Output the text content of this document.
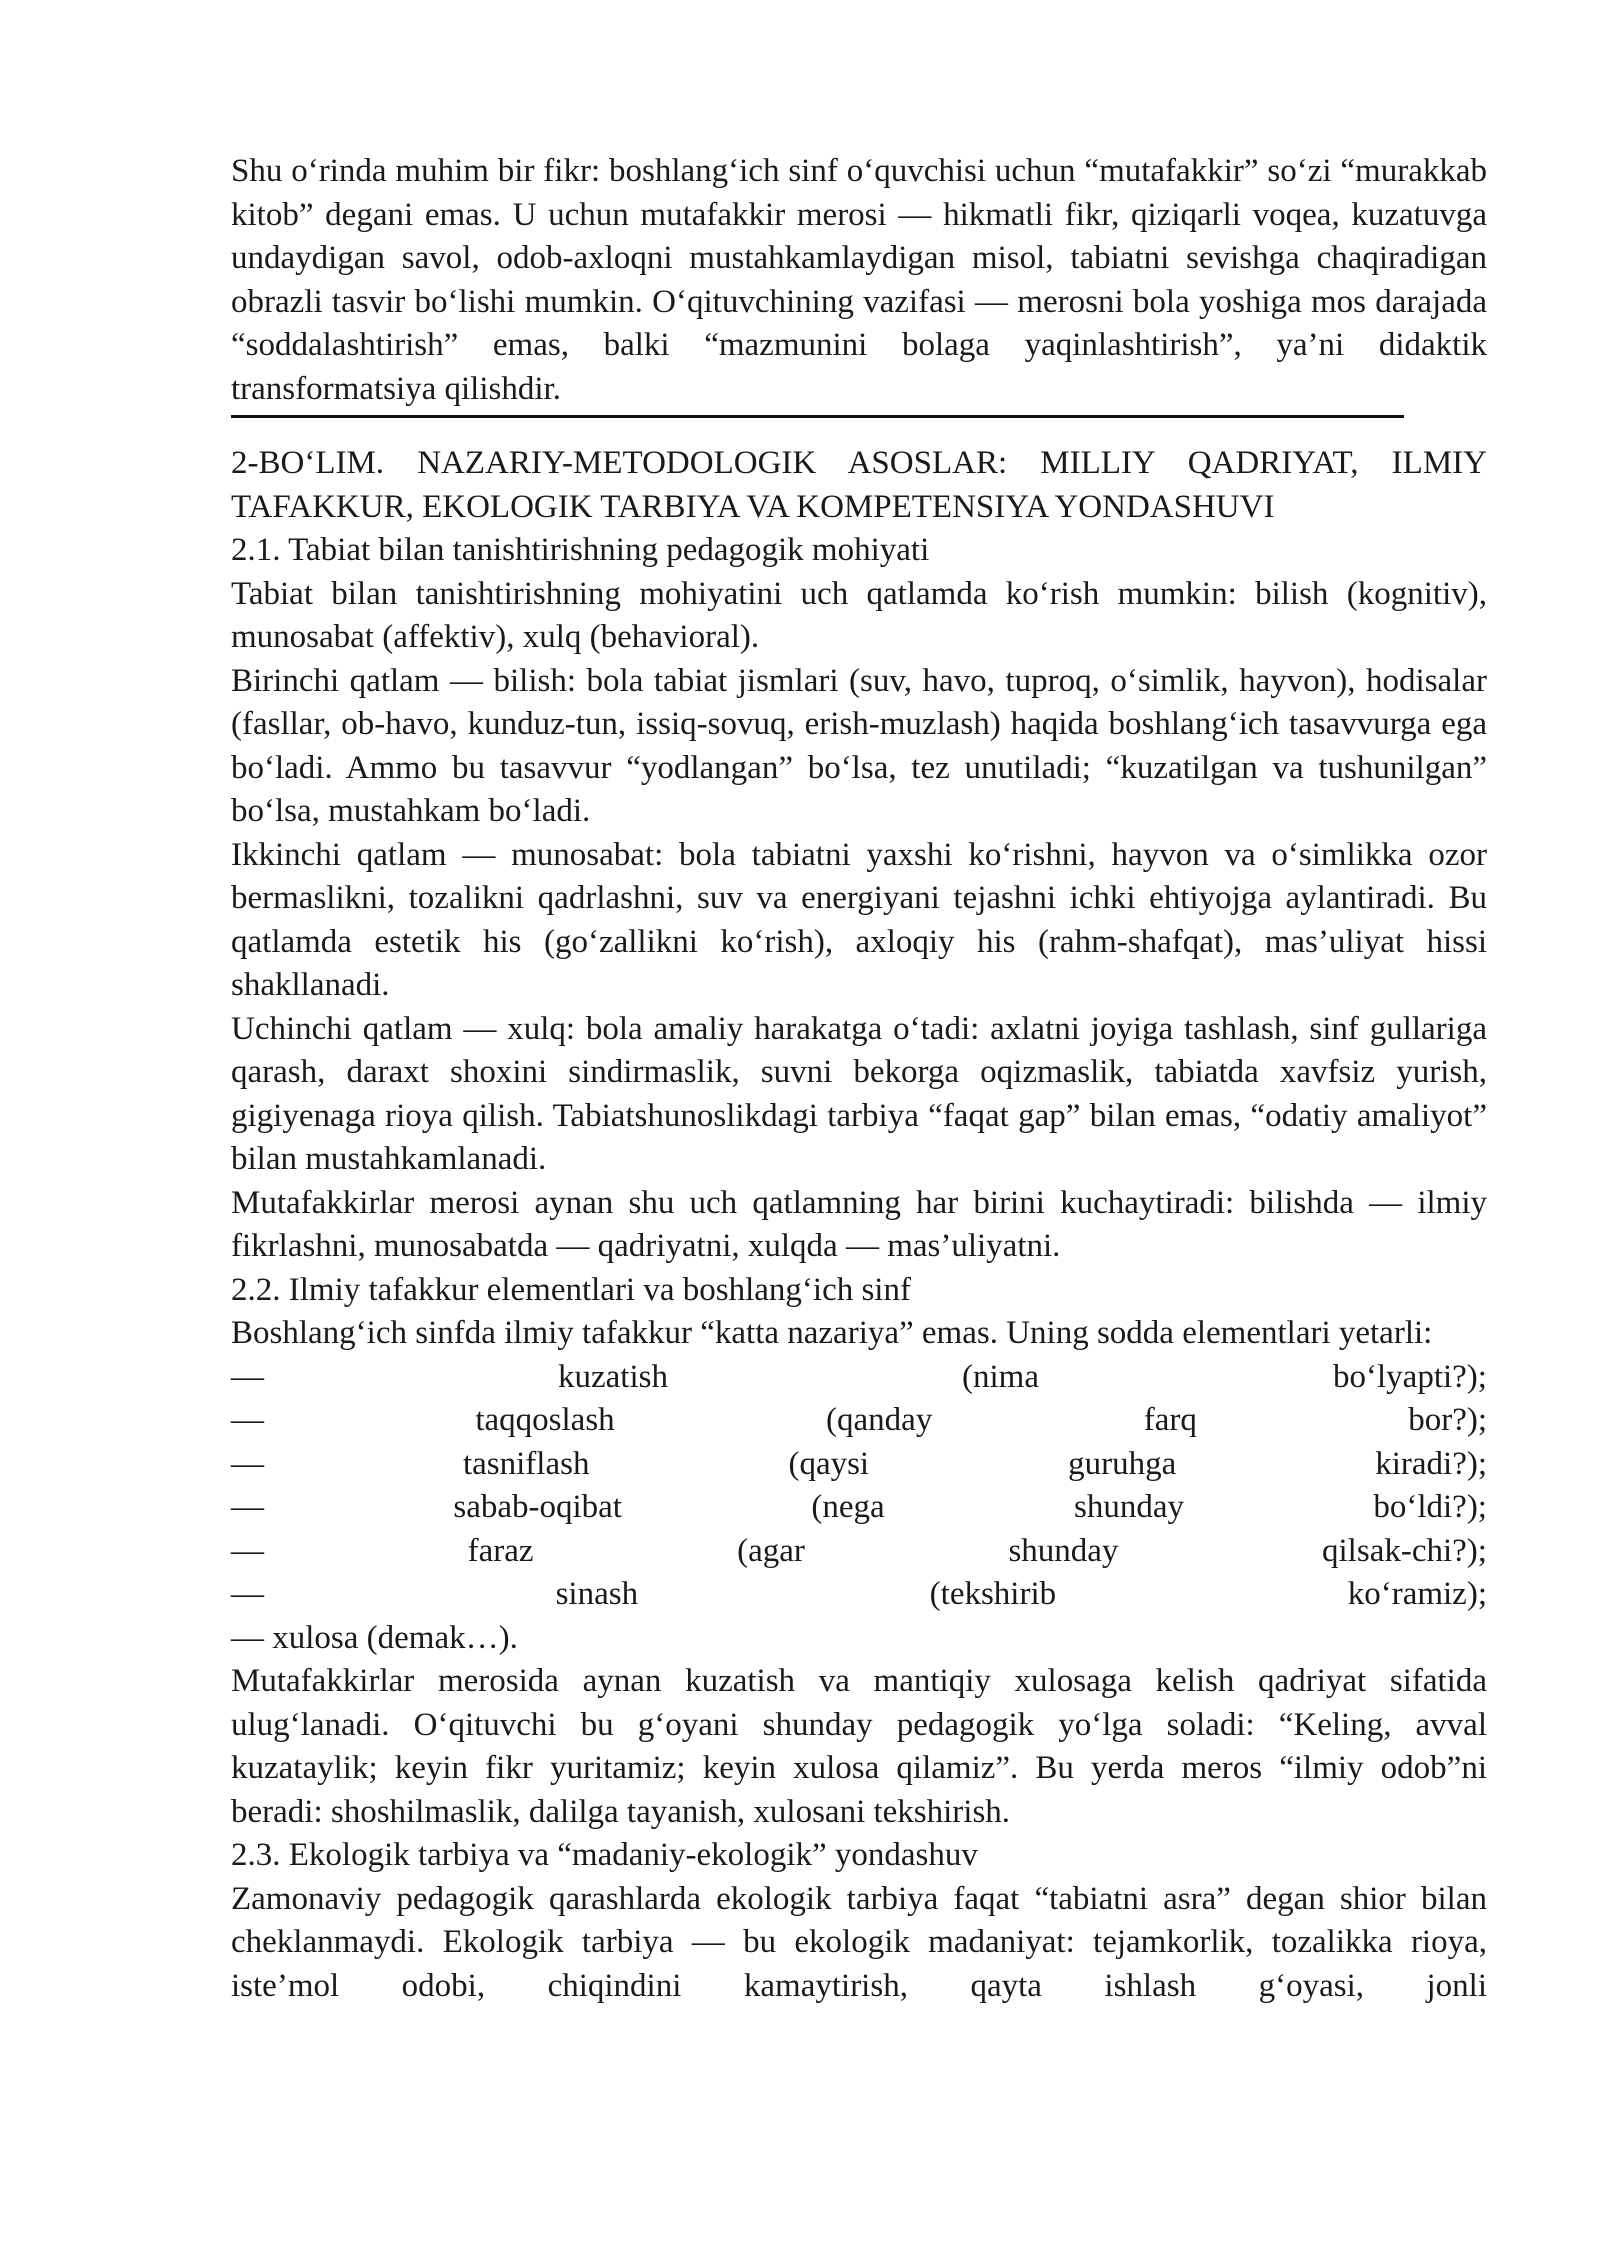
Shu o‘rinda muhim bir fikr: boshlang‘ich sinf o‘quvchisi uchun “mutafakkir” so‘zi “murakkab kitob” degani emas. U uchun mutafakkir merosi — hikmatli fikr, qiziqarli voqea, kuzatuvga undaydigan savol, odob-axloqni mustahkamlaydigan misol, tabiatni sevishga chaqiradigan obrazli tasvir bo‘lishi mumkin. O‘qituvchining vazifasi — merosni bola yoshiga mos darajada “soddalashtirish” emas, balki “mazmunini bolaga yaqinlashtirish”, ya’ni didaktik transformatsiya qilishdir.

2-BO‘LIM. NAZARIY-METODOLOGIK ASOSLAR: MILLIY QADRIYAT, ILMIY TAFAKKUR, EKOLOGIK TARBIYA VA KOMPETENSIYA YONDASHUVI

2.1. Tabiat bilan tanishtirishning pedagogik mohiyati

Tabiat bilan tanishtirishning mohiyatini uch qatlamda ko‘rish mumkin: bilish (kognitiv), munosabat (affektiv), xulq (behavioral).

Birinchi qatlam — bilish: bola tabiat jismlari (suv, havo, tuproq, o‘simlik, hayvon), hodisalar (fasllar, ob-havo, kunduz-tun, issiq-sovuq, erish-muzlash) haqida boshlang‘ich tasavvurga ega bo‘ladi. Ammo bu tasavvur “yodlangan” bo‘lsa, tez unutiladi; “kuzatilgan va tushunilgan” bo‘lsa, mustahkam bo‘ladi.

Ikkinchi qatlam — munosabat: bola tabiatni yaxshi ko‘rishni, hayvon va o‘simlikka ozor bermaslikni, tozalikni qadrlashni, suv va energiyani tejashni ichki ehtiyojga aylantiradi. Bu qatlamda estetik his (go‘zallikni ko‘rish), axloqiy his (rahm-shafqat), mas’uliyat hissi shakllanadi.

Uchinchi qatlam — xulq: bola amaliy harakatga o‘tadi: axlatni joyiga tashlash, sinf gullariga qarash, daraxt shoxini sindirmaslik, suvni bekorga oqizmaslik, tabiatda xavfsiz yurish, gigiyenaga rioya qilish. Tabiatshunoslikdagi tarbiya “faqat gap” bilan emas, “odatiy amaliyot” bilan mustahkamlanadi.

Mutafakkirlar merosi aynan shu uch qatlamning har birini kuchaytiradi: bilishda — ilmiy fikrlashni, munosabatda — qadriyatni, xulqda — mas’uliyatni.

2.2. Ilmiy tafakkur elementlari va boshlang‘ich sinf

Boshlang‘ich sinfda ilmiy tafakkur “katta nazariya” emas. Uning sodda elementlari yetarli:

—	kuzatish	(nima	bo‘lyapti?);
—	taqqoslash	(qanday	farq	bor?);
—	tasniflash	(qaysi	guruhga	kiradi?);
—	sabab-oqibat	(nega	shunday	bo‘ldi?);
—	faraz	(agar	shunday	qilsak-chi?);
—	sinash	(tekshirib	ko‘ramiz);

— xulosa (demak…).

Mutafakkirlar merosida aynan kuzatish va mantiqiy xulosaga kelish qadriyat sifatida ulug‘lanadi. O‘qituvchi bu g‘oyani shunday pedagogik yo‘lga soladi: “Keling, avval kuzataylik; keyin fikr yuritamiz; keyin xulosa qilamiz”. Bu yerda meros “ilmiy odob”ni beradi: shoshilmaslik, dalilga tayanish, xulosani tekshirish.

2.3. Ekologik tarbiya va “madaniy-ekologik” yondashuv

Zamonaviy pedagogik qarashlarda ekologik tarbiya faqat “tabiatni asra” degan shior bilan cheklanmaydi. Ekologik tarbiya — bu ekologik madaniyat: tejamkorlik, tozalikka rioya, iste’mol odobi, chiqindini kamaytirish, qayta ishlash g‘oyasi, jonli
